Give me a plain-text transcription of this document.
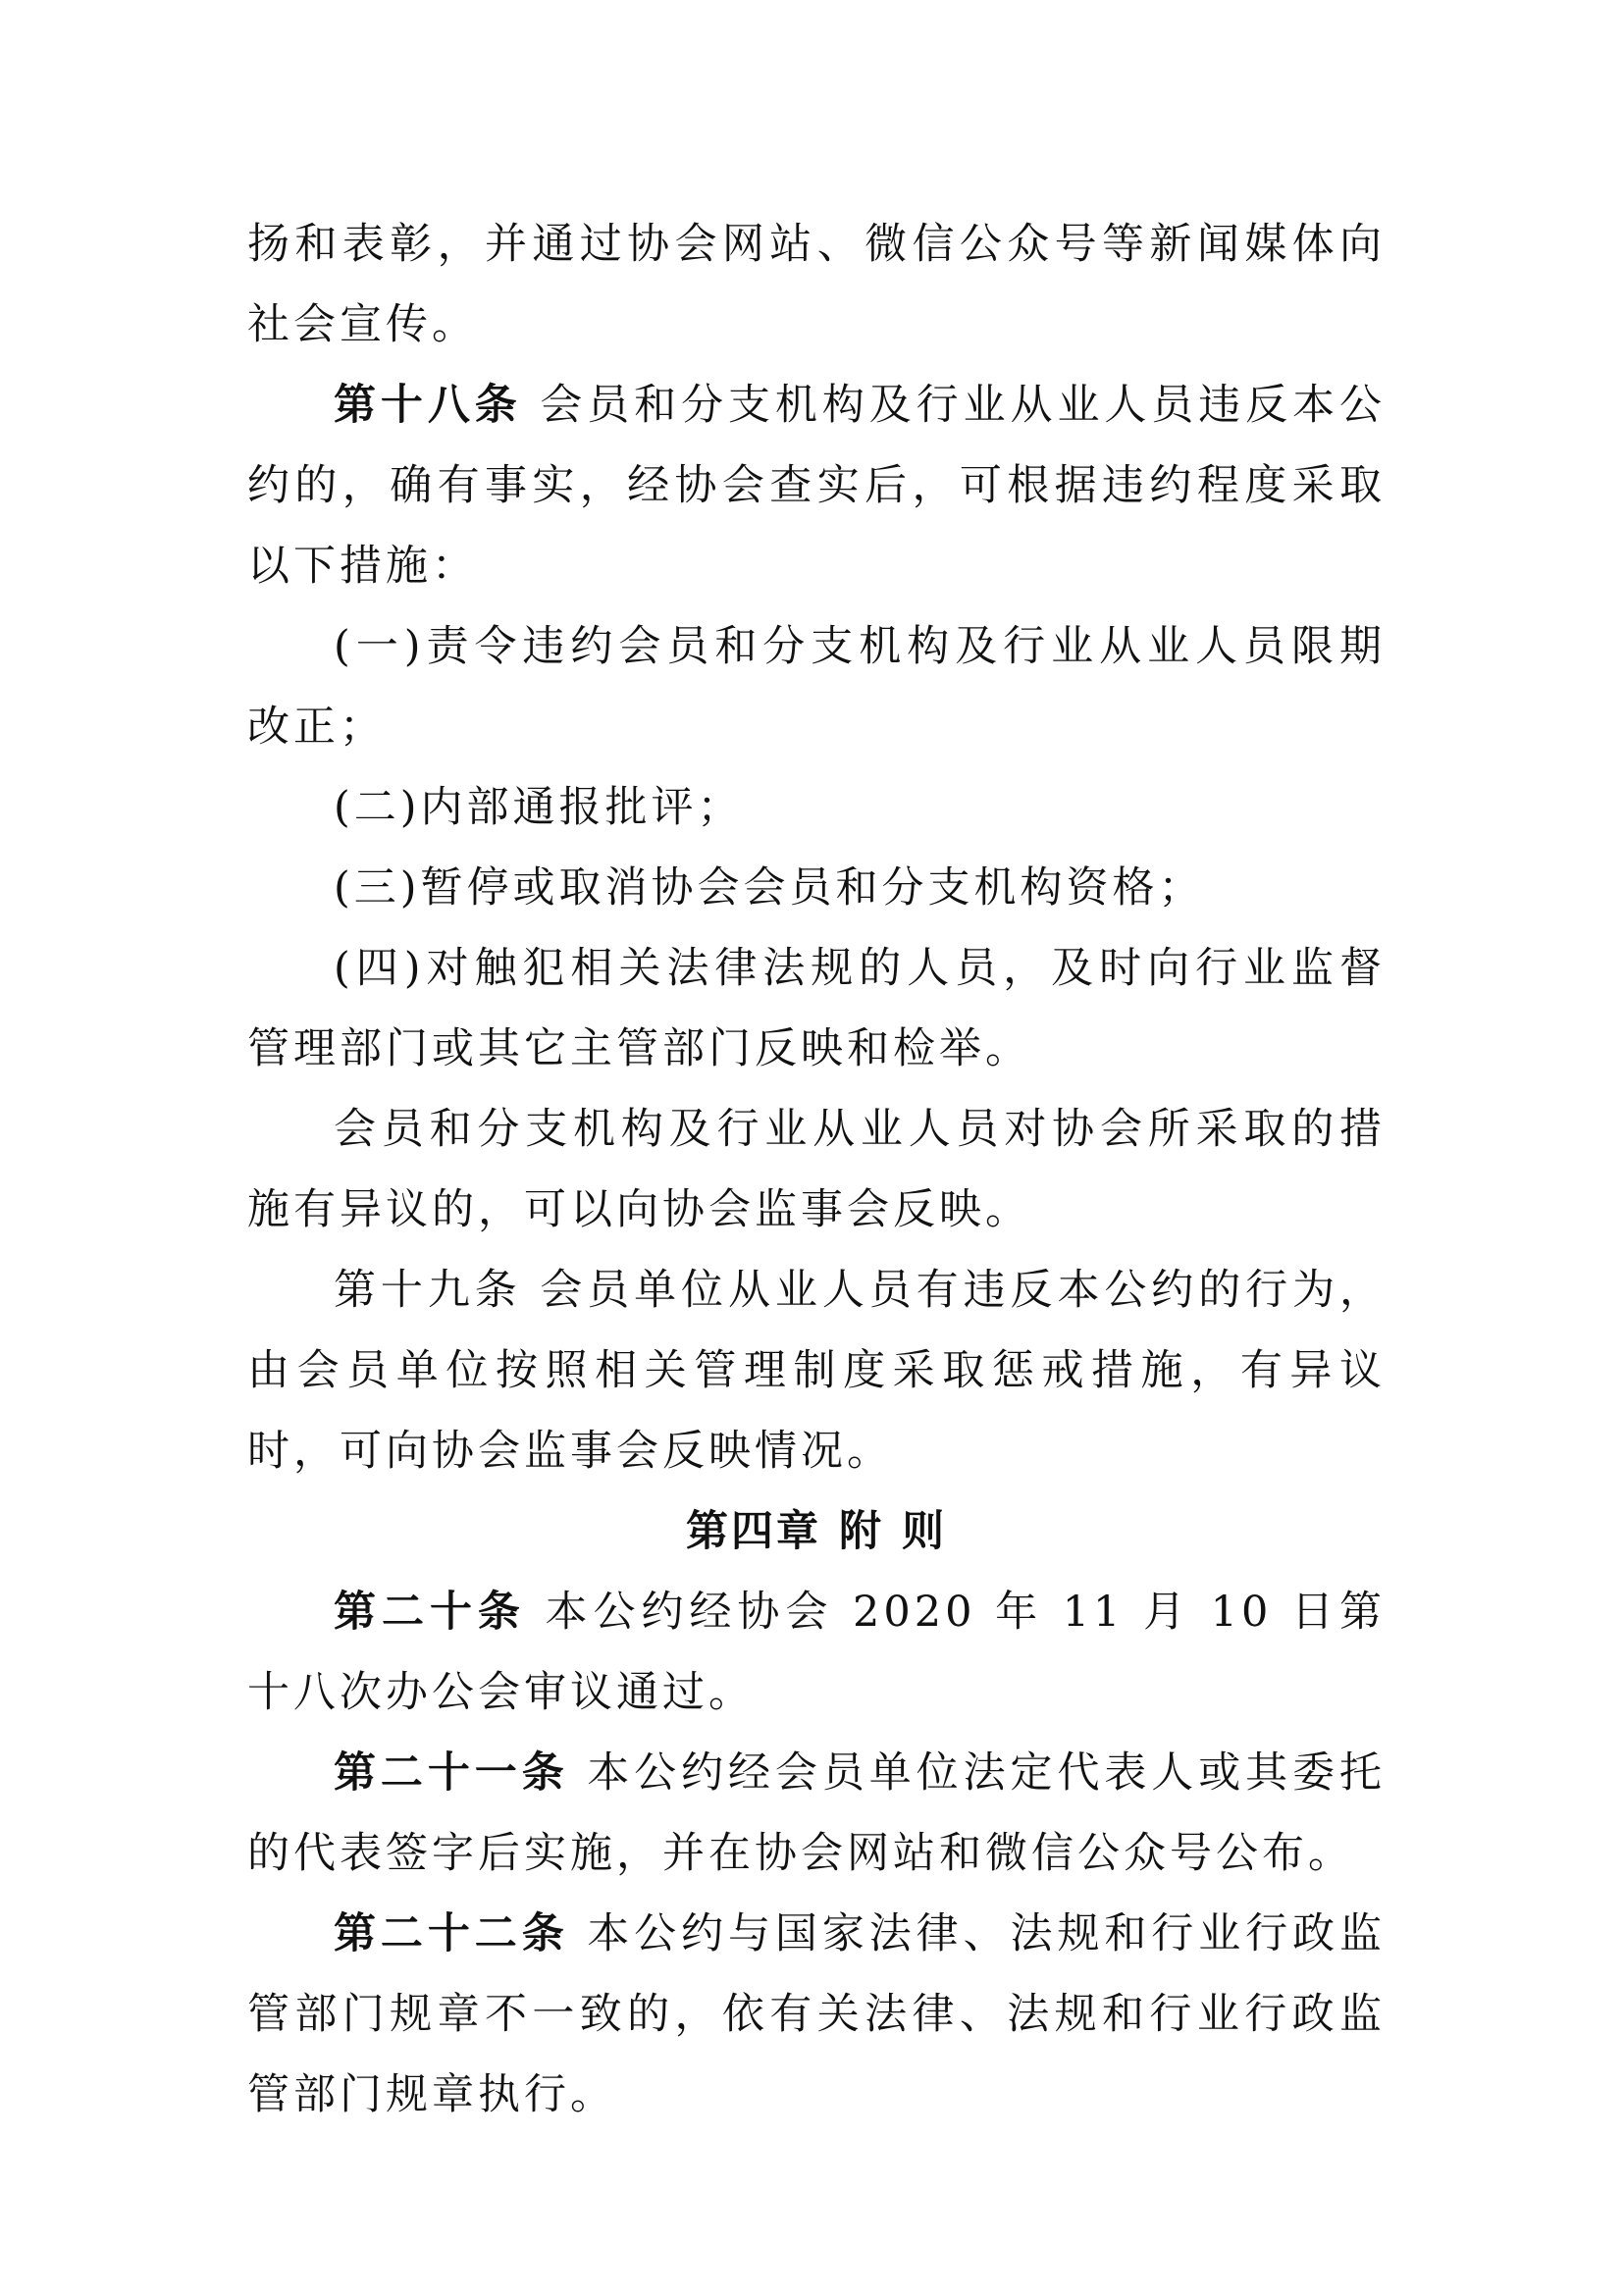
扬和表彰，并通过协会网站、微信公众号等新闻媒体向社会宣传。

第十八条 会员和分支机构及行业从业人员违反本公约的，确有事实，经协会查实后，可根据违约程度采取以下措施：

(一)责令违约会员和分支机构及行业从业人员限期改正；

(二)内部通报批评；

(三)暂停或取消协会会员和分支机构资格；

(四)对触犯相关法律法规的人员，及时向行业监督管理部门或其它主管部门反映和检举。

会员和分支机构及行业从业人员对协会所采取的措施有异议的，可以向协会监事会反映。

第十九条 会员单位从业人员有违反本公约的行为，由会员单位按照相关管理制度采取惩戒措施，有异议时，可向协会监事会反映情况。

第四章 附 则

第二十条 本公约经协会 2020 年 11 月 10 日第十八次办公会审议通过。

第二十一条 本公约经会员单位法定代表人或其委托的代表签字后实施，并在协会网站和微信公众号公布。

第二十二条 本公约与国家法律、法规和行业行政监管部门规章不一致的，依有关法律、法规和行业行政监管部门规章执行。
